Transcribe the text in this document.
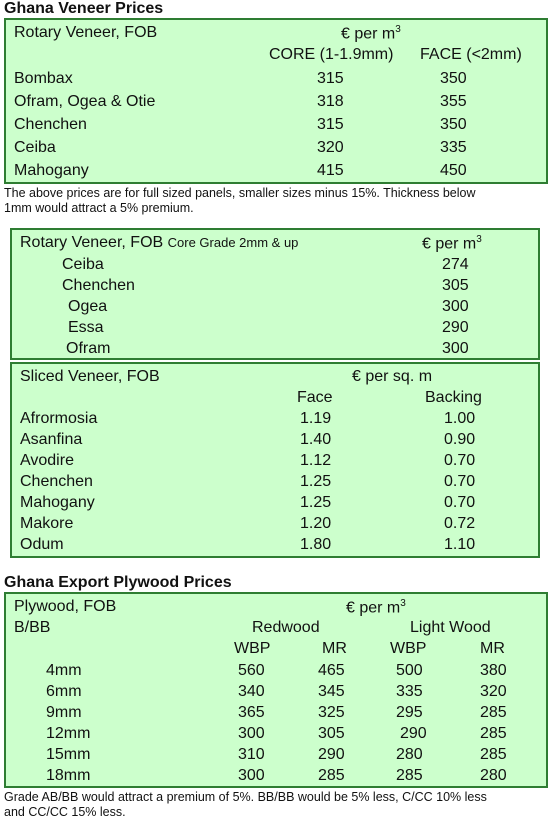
Ghana Veneer Prices
Rotary Veneer, FOB	€ per $m^3$
CORE (1-1.9mm) FACE (<2mm)
Bombax	315	350
Ofram, Ogea & Otie	318	355
Chenchen	315	350
Ceiba	320	335
Mahogany	415	450
The above prices are for full sized panels, smaller sizes minus 15%. Thickness below
1mm would attract a 5% premium.
Rotary Veneer, FOB Core Grade 2mm & up	€ per $m^3$
Ceiba	274
Chenchen	305
Ogea	300
Essa	290
Ofram	300
Sliced Veneer, FOB	€ per sq. m
Face	Backing
Afrormosia	1.19	1.00
Asanfina	1.40	0.90
Avodire	1.12	0.70
Chenchen	1.25	0.70
Mahogany	1.25	0.70
Makore	1.20	0.72
Odum	1.80	1.10
Ghana Export Plywood Prices
Plywood, FOB	€ per $m^3$
B/BB	Redwood	Light Wood
WBP	MR	WBP	MR
4mm	560	465	500	380
6mm	340	345	335	320
9mm	365	325	295	285
12mm	300	305	290	285
15mm	310	290	280	285
18mm	300	285	285	280
Grade AB/BB would attract a premium of 5%. BB/BB would be 5% less, C/CC 10% less
and CC/CC 15% less.
